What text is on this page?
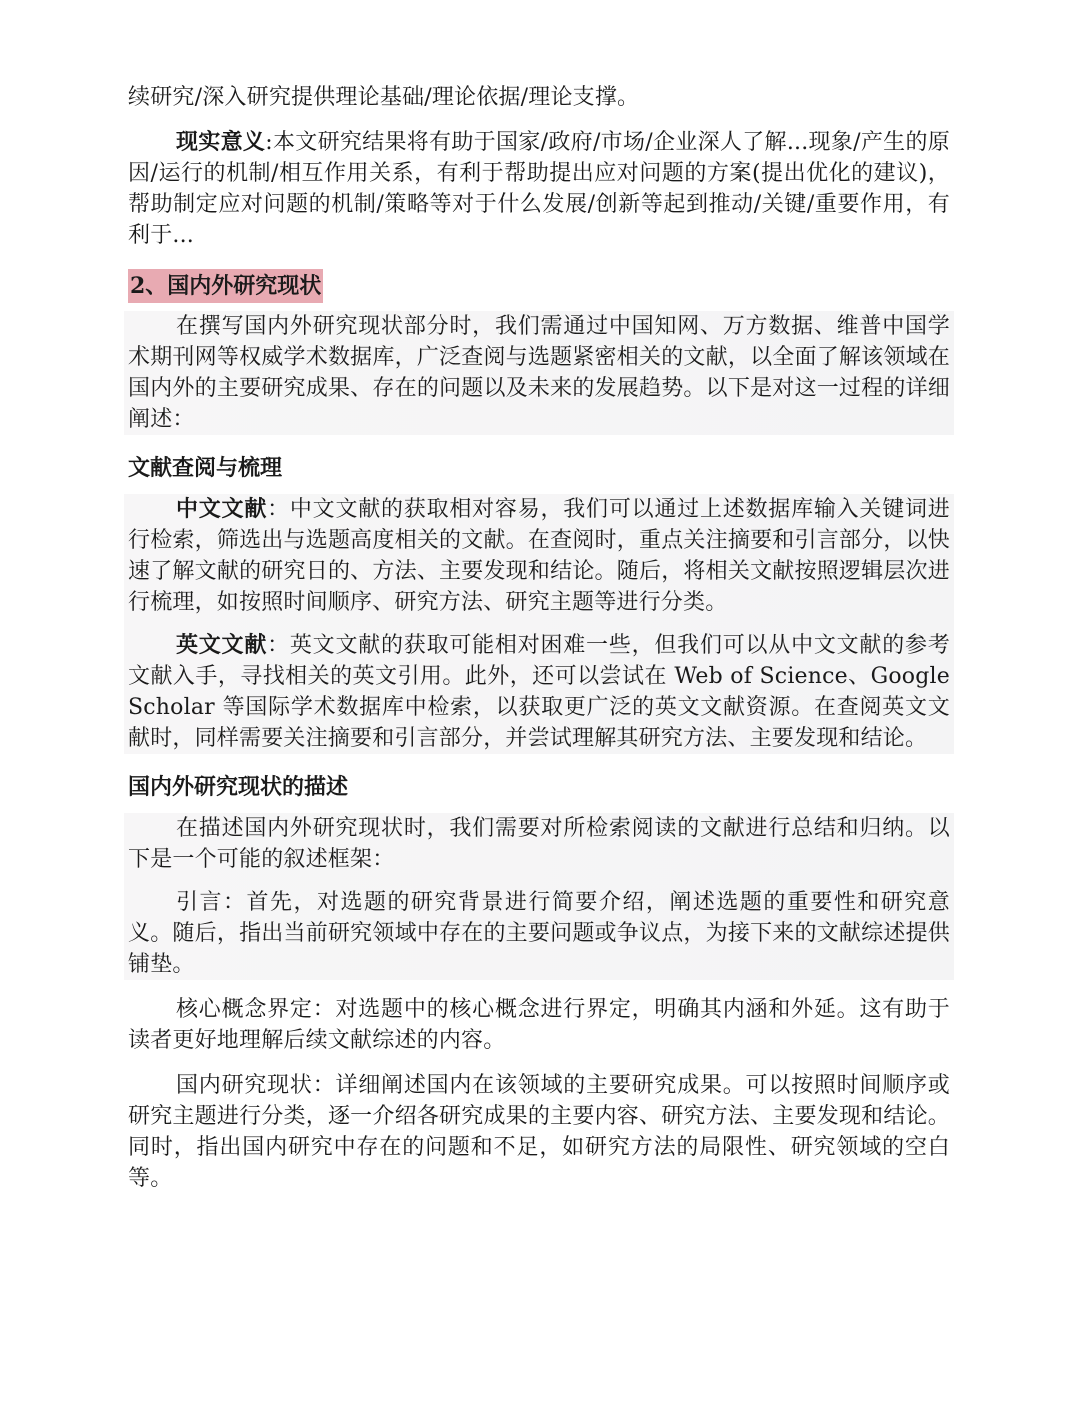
续研究/深入研究提供理论基础/理论依据/理论支撑。

现实意义:本文研究结果将有助于国家/政府/市场/企业深人了解...现象/产生的原因/运行的机制/相互作用关系，有利于帮助提出应对问题的方案(提出优化的建议)，帮助制定应对问题的机制/策略等对于什么发展/创新等起到推动/关键/重要作用，有利于...

2、国内外研究现状

在撰写国内外研究现状部分时，我们需通过中国知网、万方数据、维普中国学术期刊网等权威学术数据库，广泛查阅与选题紧密相关的文献，以全面了解该领域在国内外的主要研究成果、存在的问题以及未来的发展趋势。以下是对这一过程的详细阐述：

文献查阅与梳理

中文文献：中文文献的获取相对容易，我们可以通过上述数据库输入关键词进行检索，筛选出与选题高度相关的文献。在查阅时，重点关注摘要和引言部分，以快速了解文献的研究日的、方法、主要发现和结论。随后，将相关文献按照逻辑层次进行梳理，如按照时间顺序、研究方法、研究主题等进行分类。

英文文献：英文文献的获取可能相对困难一些，但我们可以从中文文献的参考文献入手，寻找相关的英文引用。此外，还可以尝试在 Web of Science、Google Scholar 等国际学术数据库中检索，以获取更广泛的英文文献资源。在查阅英文文献时，同样需要关注摘要和引言部分，并尝试理解其研究方法、主要发现和结论。

国内外研究现状的描述

在描述国内外研究现状时，我们需要对所检索阅读的文献进行总结和归纳。以下是一个可能的叙述框架：

引言：首先，对选题的研究背景进行简要介绍，阐述选题的重要性和研究意义。随后，指出当前研究领域中存在的主要问题或争议点，为接下来的文献综述提供铺垫。

核心概念界定：对选题中的核心概念进行界定，明确其内涵和外延。这有助于读者更好地理解后续文献综述的内容。

国内研究现状：详细阐述国内在该领域的主要研究成果。可以按照时间顺序或研究主题进行分类，逐一介绍各研究成果的主要内容、研究方法、主要发现和结论。同时，指出国内研究中存在的问题和不足，如研究方法的局限性、研究领域的空白等。
